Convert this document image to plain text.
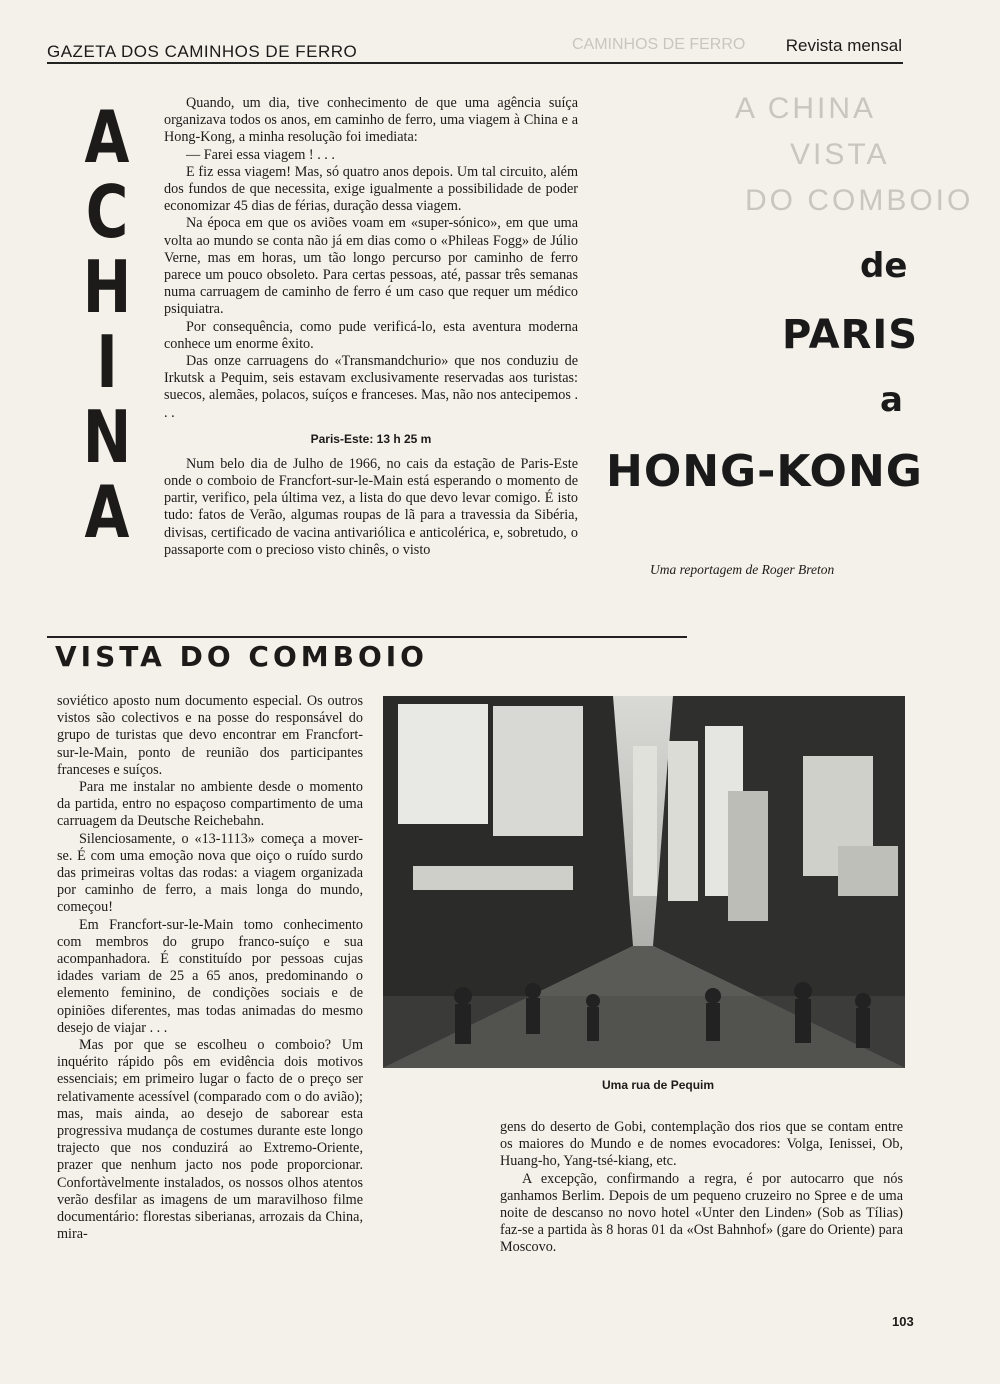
CAMINHOS DE FERRO
A CHINA
VISTA
DO COMBOIO
GAZETA DOS CAMINHOS DE FERRO	Revista mensal
A
C
H
I
N
A

Quando, um dia, tive conhecimento de que uma agência suíça organizava todos os anos, em caminho de ferro, uma viagem à China e a Hong-Kong, a minha resolução foi imediata:

— Farei essa viagem ! . . .

E fiz essa viagem! Mas, só quatro anos depois. Um tal circuito, além dos fundos de que necessita, exige igualmente a possibilidade de poder economizar 45 dias de férias, duração dessa viagem.

Na época em que os aviões voam em «super-sónico», em que uma volta ao mundo se conta não já em dias como o «Phileas Fogg» de Júlio Verne, mas em horas, um tão longo percurso por caminho de ferro parece um pouco obsoleto. Para certas pessoas, até, passar três semanas numa carruagem de caminho de ferro é um caso que requer um médico psiquiatra.

Por consequência, como pude verificá-lo, esta aventura moderna conhece um enorme êxito.

Das onze carruagens do «Transmandchurio» que nos conduziu de Irkutsk a Pequim, seis estavam exclusivamente reservadas aos turistas: suecos, alemães, polacos, suíços e franceses. Mas, não nos antecipemos . . .

Paris-Este: 13 h 25 m

Num belo dia de Julho de 1966, no cais da estação de Paris-Este onde o comboio de Francfort-sur-le-Main está esperando o momento de partir, verifico, pela última vez, a lista do que devo levar comigo. É isto tudo: fatos de Verão, algumas roupas de lã para a travessia da Sibéria, divisas, certificado de vacina antivariólica e anticolérica, e, sobretudo, o passaporte com o precioso visto chinês, o visto

de
PARIS
a
HONG-KONG
Uma reportagem de Roger Breton
VISTA DO COMBOIO

soviético aposto num documento especial. Os outros vistos são colectivos e na posse do responsável do grupo de turistas que devo encontrar em Francfort-sur-le-Main, ponto de reunião dos participantes franceses e suíços.

Para me instalar no ambiente desde o momento da partida, entro no espaçoso compartimento de uma carruagem da Deutsche Reichebahn.

Silenciosamente, o «13-1113» começa a mover-se. É com uma emoção nova que oiço o ruído surdo das primeiras voltas das rodas: a viagem organizada por caminho de ferro, a mais longa do mundo, começou!

Em Francfort-sur-le-Main tomo conhecimento com membros do grupo franco-suíço e sua acompanhadora. É constituído por pessoas cujas idades variam de 25 a 65 anos, predominando o elemento feminino, de condições sociais e de opiniões diferentes, mas todas animadas do mesmo desejo de viajar . . .

Mas por que se escolheu o comboio? Um inquérito rápido pôs em evidência dois motivos essenciais; em primeiro lugar o facto de o preço ser relativamente acessível (comparado com o do avião); mas, mais ainda, ao desejo de saborear esta progressiva mudança de costumes durante este longo trajecto que nos conduzirá ao Extremo-Oriente, prazer que nenhum jacto nos pode proporcionar. Confortàvelmente instalados, os nossos olhos atentos verão desfilar as imagens de um maravilhoso filme documentário: florestas siberianas, arrozais da China, mira-

Uma rua de Pequim

gens do deserto de Gobi, contemplação dos rios que se contam entre os maiores do Mundo e de nomes evocadores: Volga, Ienissei, Ob, Huang-ho, Yang-tsé-kiang, etc.

A excepção, confirmando a regra, é por autocarro que nós ganhamos Berlim. Depois de um pequeno cruzeiro no Spree e de uma noite de descanso no novo hotel «Unter den Linden» (Sob as Tílias) faz-se a partida às 8 horas 01 da «Ost Bahnhof» (gare do Oriente) para Moscovo.

103
